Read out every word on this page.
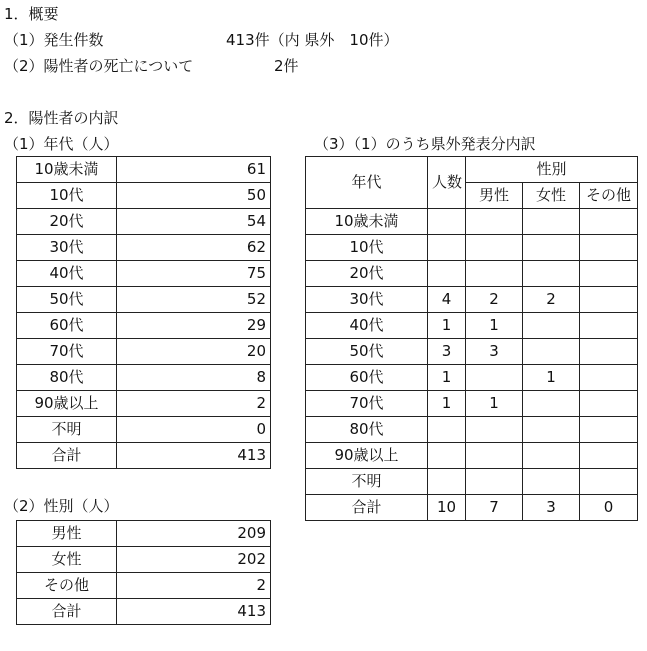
1．概要
（1）発生件数	413件（内 県外　10件）
（2）陽性者の死亡について	2件
2．陽性者の内訳
（1）年代（人）	（3）（1）のうち県外発表分内訳
10歳未満	61
10代	50
20代	54
30代	62
40代	75
50代	52
60代	29
70代	20
80代	8
90歳以上	2
不明	0
合計	413
（2）性別（人）
男性	209
女性	202
その他	2
合計	413
年代	人数	性別		
		男性	女性	その他
10歳未満				
10代				
20代				
30代	4	2	2	
40代	1	1		
50代	3	3		
60代	1		1	
70代	1	1		
80代				
90歳以上				
不明				
合計	10	7	3	0
